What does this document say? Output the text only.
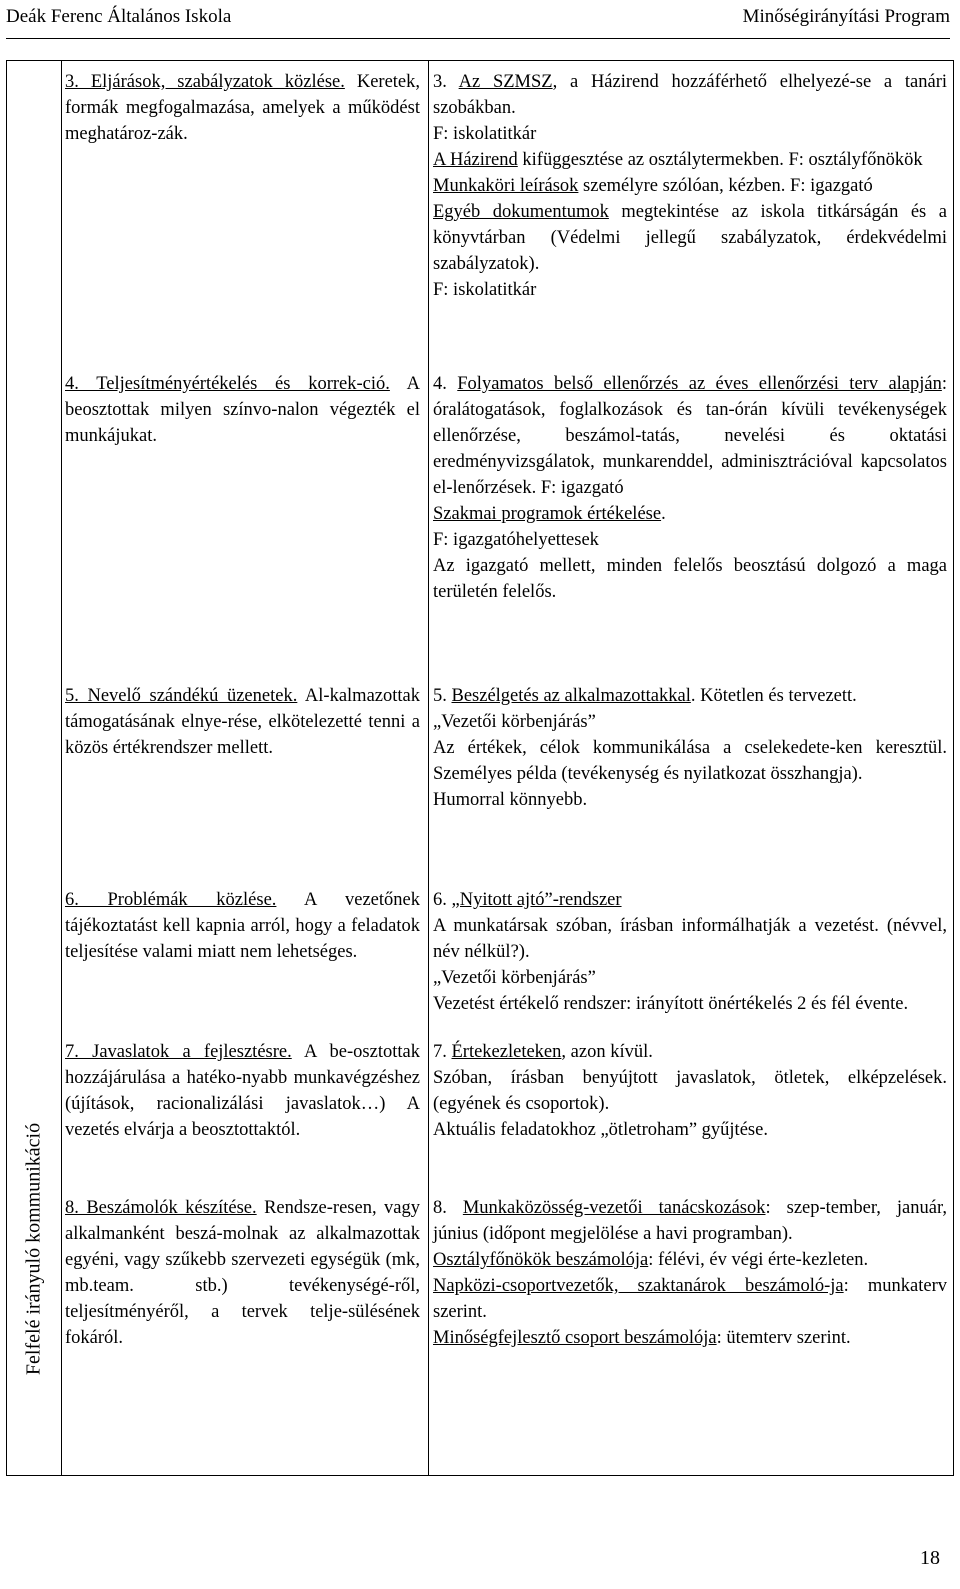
Deák Ferenc Általános Iskola	Minőségirányítási Program
Felfelé irányuló kommunikáció

3. Eljárások, szabályzatok közlése. Keretek, formák megfogalmazása, amelyek a működést meghatároz-zák.

4. Teljesítményértékelés és korrek-ció. A beosztottak milyen színvo-nalon végezték el munkájukat.

5. Nevelő szándékú üzenetek. Al-kalmazottak támogatásának elnye-rése, elkötelezetté tenni a közös értékrendszer mellett.

6. Problémák közlése. A vezetőnek tájékoztatást kell kapnia arról, hogy a feladatok teljesítése valami miatt nem lehetséges.

7. Javaslatok a fejlesztésre. A be-osztottak hozzájárulása a hatéko-nyabb munkavégzéshez (újítások, racionalizálási javaslatok…) A vezetés elvárja a beosztottaktól.

8. Beszámolók készítése. Rendsze-resen, vagy alkalmanként beszá-molnak az alkalmazottak egyéni, vagy szűkebb szervezeti egységük (mk, mb.team. stb.) tevékenységé-ről, teljesítményéről, a tervek telje-sülésének fokáról.

3. Az SZMSZ, a Házirend hozzáférhető elhelyezé-se a tanári szobákban.

F: iskolatitkár

A Házirend kifüggesztése az osztálytermekben. F: osztályfőnökök

Munkaköri leírások személyre szólóan, kézben. F: igazgató

Egyéb dokumentumok megtekintése az iskola titkárságán és a könyvtárban (Védelmi jellegű szabályzatok, érdekvédelmi szabályzatok).

F: iskolatitkár

4. Folyamatos belső ellenőrzés az éves ellenőrzési terv alapján: óralátogatások, foglalkozások és tan-órán kívüli tevékenységek ellenőrzése, beszámol-tatás, nevelési és oktatási eredményvizsgálatok, munkarenddel, adminisztrációval kapcsolatos el-lenőrzések. F: igazgató

Szakmai programok értékelése.

F: igazgatóhelyettesek

Az igazgató mellett, minden felelős beosztású dolgozó a maga területén felelős.

5. Beszélgetés az alkalmazottakkal. Kötetlen és tervezett.

„Vezetői körbenjárás”

Az értékek, célok kommunikálása a cselekedete-ken keresztül. Személyes példa (tevékenység és nyilatkozat összhangja).

Humorral könnyebb.

6. „Nyitott ajtó”-rendszer

A munkatársak szóban, írásban informálhatják a vezetést. (névvel, név nélkül?).

„Vezetői körbenjárás”

Vezetést értékelő rendszer: irányított önértékelés 2 és fél évente.

7. Értekezleteken, azon kívül.

Szóban, írásban benyújtott javaslatok, ötletek, elképzelések. (egyének és csoportok).

Aktuális feladatokhoz „ötletroham” gyűjtése.

8. Munkaközösség-vezetői tanácskozások: szep-tember, január, június (időpont megjelölése a havi programban).

Osztályfőnökök beszámolója: félévi, év végi érte-kezleten.

Napközi-csoportvezetők, szaktanárok beszámoló-ja: munkaterv szerint.

Minőségfejlesztő csoport beszámolója: ütemterv szerint.

18
